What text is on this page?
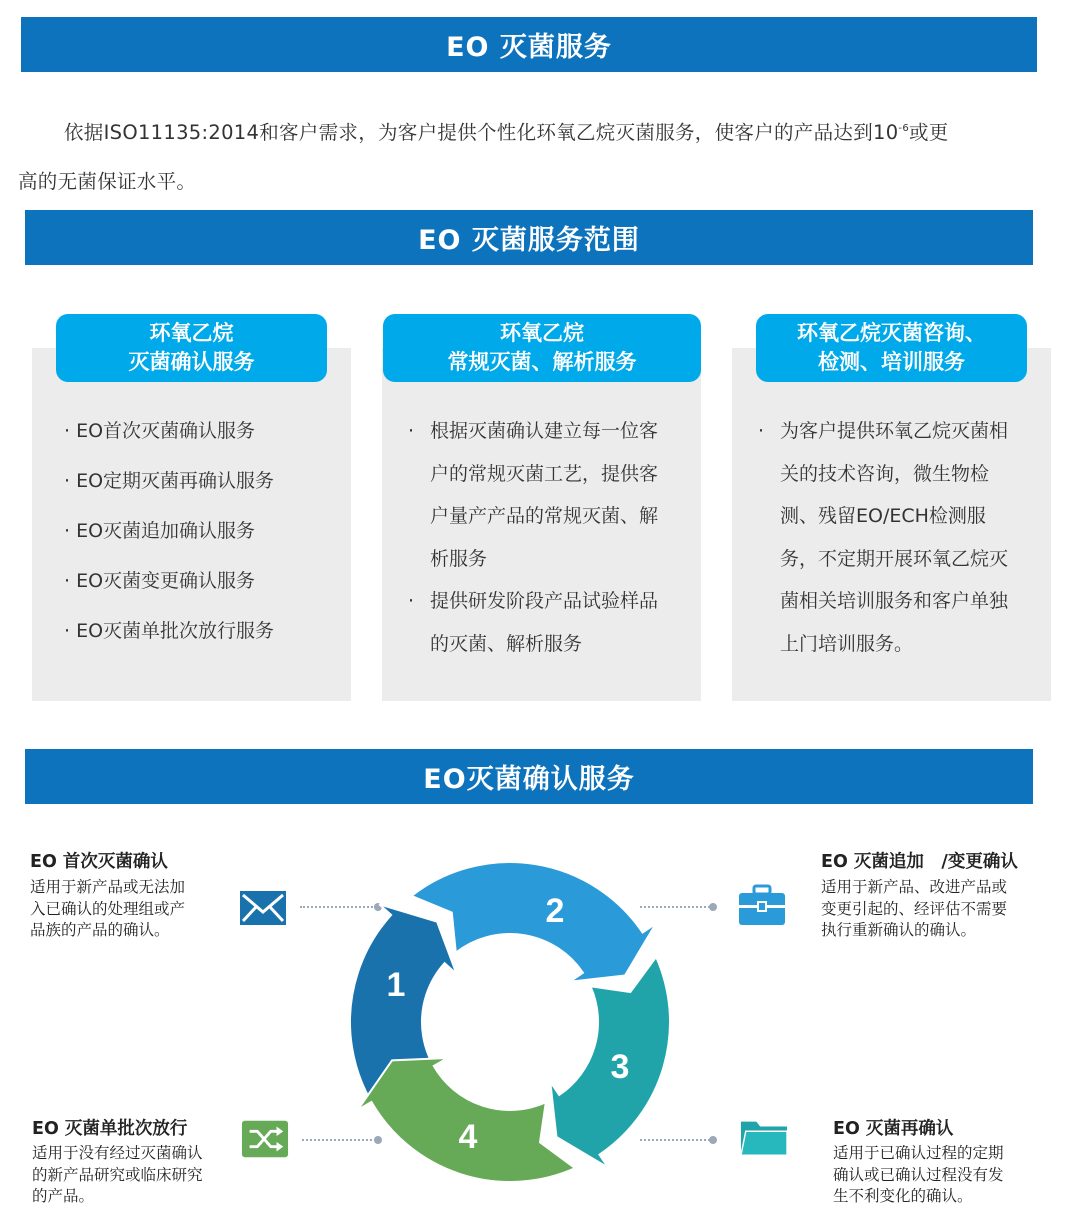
EO 灭菌服务
依据ISO11135:2014和客户需求，为客户提供个性化环氧乙烷灭菌服务，使客户的产品达到$10^{-6}$或更
高的无菌保证水平。
EO 灭菌服务范围
环氧乙烷
灭菌确认服务
环氧乙烷
常规灭菌、解析服务
环氧乙烷灭菌咨询、
检测、培训服务
· EO首次灭菌确认服务
· EO定期灭菌再确认服务
· EO灭菌追加确认服务
· EO灭菌变更确认服务
· EO灭菌单批次放行服务
· 根据灭菌确认建立每一位客
户的常规灭菌工艺，提供客
户量产产品的常规灭菌、解
析服务
· 提供研发阶段产品试验样品
的灭菌、解析服务
· 为客户提供环氧乙烷灭菌相
关的技术咨询，微生物检
测、残留EO/ECH检测服
务，不定期开展环氧乙烷灭
菌相关培训服务和客户单独
上门培训服务。
EO灭菌确认服务
EO 首次灭菌确认
适用于新产品或无法加
入已确认的处理组或产
品族的产品的确认。
EO 灭菌追加　/变更确认
适用于新产品、改进产品或
变更引起的、经评估不需要
执行重新确认的确认。
EO 灭菌单批次放行
适用于没有经过灭菌确认
的新产品研究或临床研究
的产品。
EO 灭菌再确认
适用于已确认过程的定期
确认或已确认过程没有发
生不利变化的确认。
1
2
3
4
